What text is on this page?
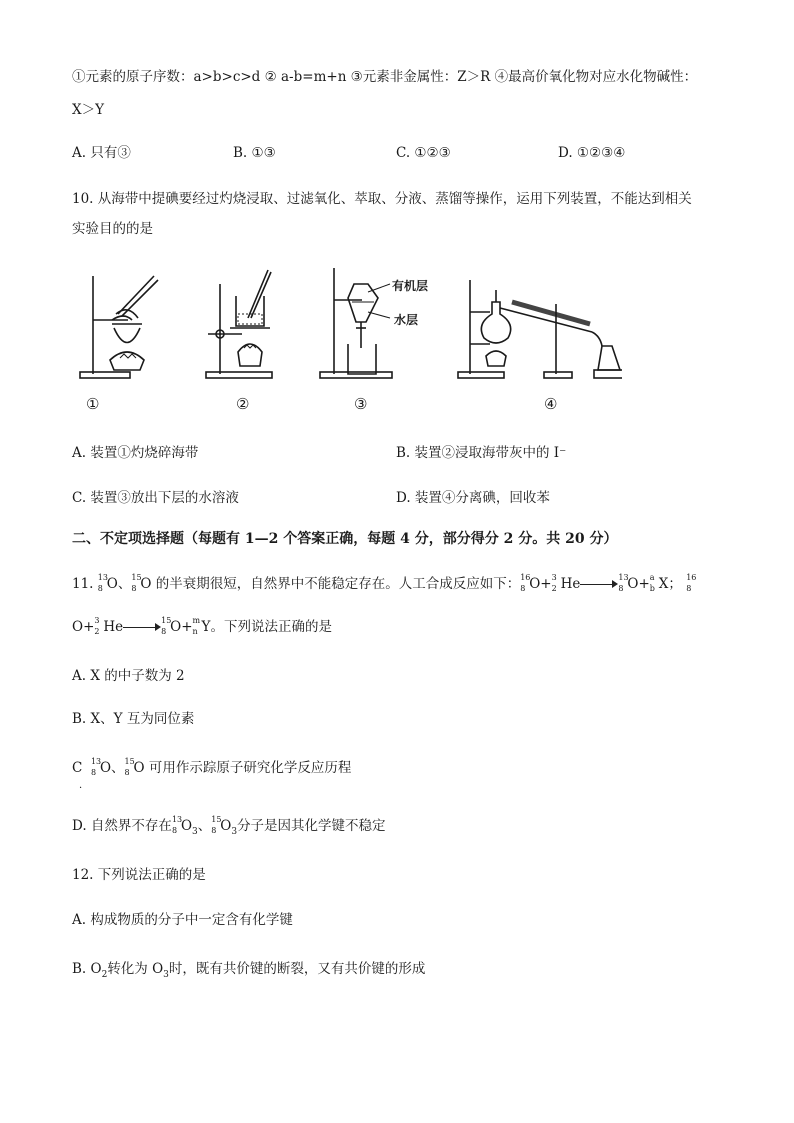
①元素的原子序数：a>b>c>d ② a-b=m+n ③元素非金属性：Z＞R ④最高价氧化物对应水化物碱性：
X＞Y
A. 只有③	B. ①③	C. ①②③	D. ①②③④
10. 从海带中提碘要经过灼烧浸取、过滤氧化、萃取、分液、蒸馏等操作，运用下列装置，不能达到相关
实验目的的是
①	②
有机层
水层
③	④
A. 装置①灼烧碎海带	B. 装置②浸取海带灰中的 I⁻
C. 装置③放出下层的水溶液	D. 装置④分离碘，回收苯
二、不定项选择题（每题有 1—2 个答案正确，每题 4 分，部分得分 2 分。共 20 分）
11. 13
8 O、 15
8 O 的半衰期很短，自然界中不能稳定存在。人工合成反应如下： 16
8 O+ 3
2 He	13
8 O+ a
b X； 16
8
O+ 3
2 He	15
8 O+ m
n Y。下列说法正确的是
A. X 的中子数为 2
B. X、Y 互为同位素
C 13
8 O、 15
8 O 可用作示踪原子研究化学反应历程
·
D. 自然界不存在 13
8 $O_3$、 15
8 $O_3$分子是因其化学键不稳定
12. 下列说法正确的是
A. 构成物质的分子中一定含有化学键
B. $O_2$转化为 $O_3$时，既有共价键的断裂，又有共价键的形成
